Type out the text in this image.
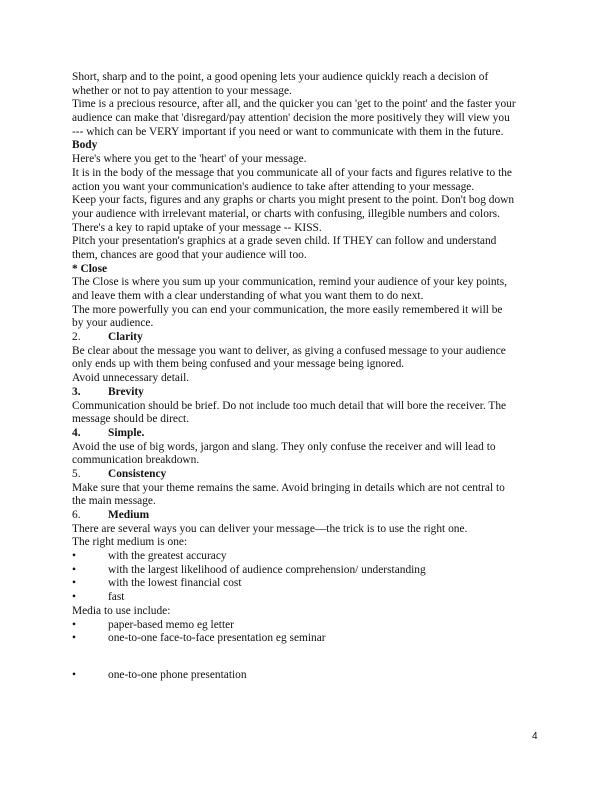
Short, sharp and to the point, a good opening lets your audience quickly reach a decision of
whether or not to pay attention to your message.
Time is a precious resource, after all, and the quicker you can 'get to the point' and the faster your
audience can make that 'disregard/pay attention' decision the more positively they will view you
--- which can be VERY important if you need or want to communicate with them in the future.
Body
Here's where you get to the 'heart' of your message.
It is in the body of the message that you communicate all of your facts and figures relative to the
action you want your communication's audience to take after attending to your message.
Keep your facts, figures and any graphs or charts you might present to the point. Don't bog down
your audience with irrelevant material, or charts with confusing, illegible numbers and colors.
There's a key to rapid uptake of your message -- KISS.
Pitch your presentation's graphics at a grade seven child. If THEY can follow and understand
them, chances are good that your audience will too.
* Close
The Close is where you sum up your communication, remind your audience of your key points,
and leave them with a clear understanding of what you want them to do next.
The more powerfully you can end your communication, the more easily remembered it will be
by your audience.
2. Clarity
Be clear about the message you want to deliver, as giving a confused message to your audience
only ends up with them being confused and your message being ignored.
Avoid unnecessary detail.
3. Brevity
Communication should be brief. Do not include too much detail that will bore the receiver. The
message should be direct.
4. Simple.
Avoid the use of big words, jargon and slang. They only confuse the receiver and will lead to
communication breakdown.
5. Consistency
Make sure that your theme remains the same. Avoid bringing in details which are not central to
the main message.
6. Medium
There are several ways you can deliver your message—the trick is to use the right one.
The right medium is one:
•	with the greatest accuracy
•	with the largest likelihood of audience comprehension/ understanding
•	with the lowest financial cost
•	fast
Media to use include:
•	paper-based memo eg letter
•	one-to-one face-to-face presentation eg seminar
•	one-to-one phone presentation
4
